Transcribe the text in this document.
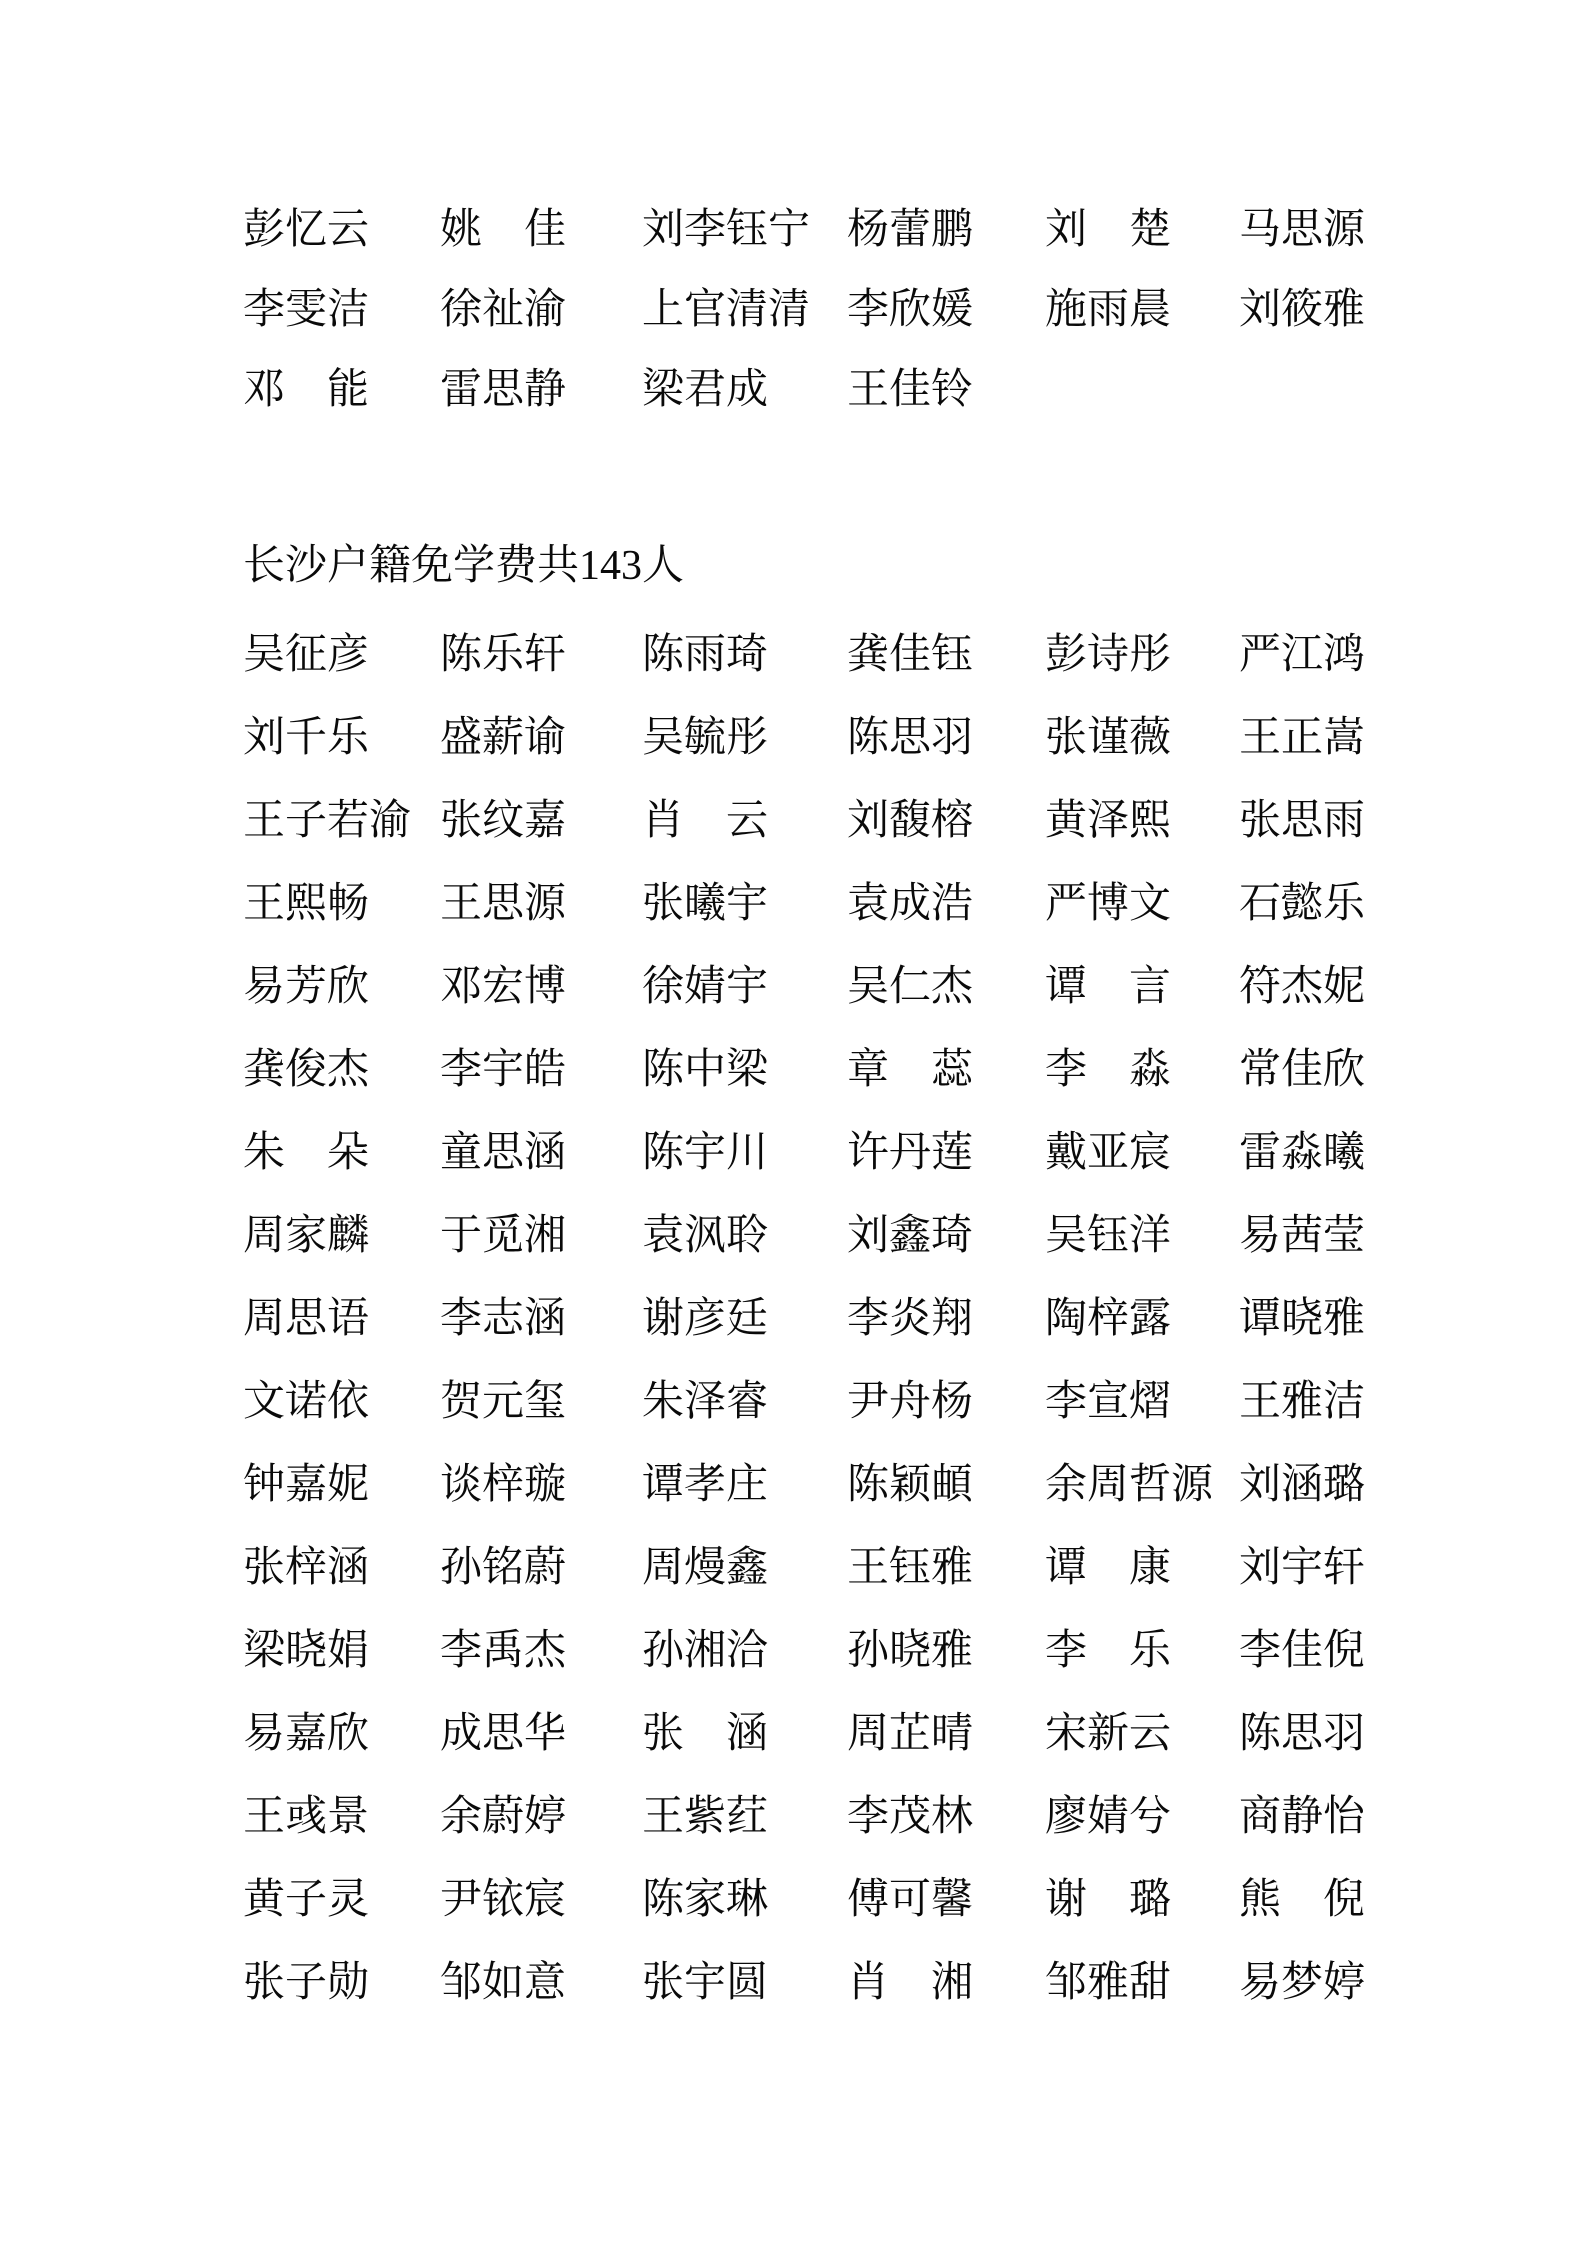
彭忆云 姚　佳 刘李钰宁 杨蕾鹏 刘　楚 马思源
李雯洁 徐祉渝 上官清清 李欣媛 施雨晨 刘筱雅
邓　能 雷思静 梁君成 王佳铃
长沙户籍免学费共143人
吴征彦 陈乐轩 陈雨琦 龚佳钰 彭诗彤 严江鸿
刘千乐 盛薪谕 吴毓彤 陈思羽 张谨薇 王正嵩
王子若渝 张纹嘉 肖　云 刘馥榕 黄泽熙 张思雨
王熙畅 王思源 张曦宇 袁成浩 严博文 石懿乐
易芳欣 邓宏博 徐婧宇 吴仁杰 谭　言 符杰妮
龚俊杰 李宇皓 陈中梁 章　蕊 李　淼 常佳欣
朱　朵 童思涵 陈宇川 许丹莲 戴亚宸 雷淼曦
周家麟 于觅湘 袁沨聆 刘鑫琦 吴钰洋 易茜莹
周思语 李志涵 谢彦廷 李炎翔 陶梓露 谭晓雅
文诺依 贺元玺 朱泽睿 尹舟杨 李宣熠 王雅洁
钟嘉妮 谈梓璇 谭孝庄 陈颖頔 余周哲源 刘涵璐
张梓涵 孙铭蔚 周熳鑫 王钰雅 谭　康 刘宇轩
梁晓娟 李禹杰 孙湘洽 孙晓雅 李　乐 李佳倪
易嘉欣 成思华 张　涵 周芷晴 宋新云 陈思羽
王彧景 余蔚婷 王紫荭 李茂林 廖婧兮 商静怡
黄子灵 尹铱宸 陈家琳 傅可馨 谢　璐 熊　倪
张子勋 邹如意 张宇圆 肖　湘 邹雅甜 易梦婷
